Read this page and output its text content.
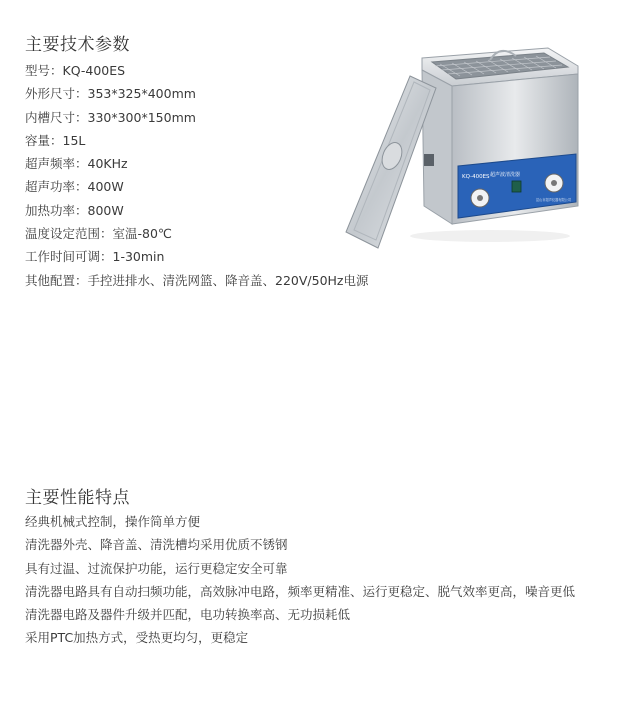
主要技术参数
型号：KQ-400ES
外形尺寸：353*325*400mm
内槽尺寸：330*300*150mm
容量：15L
超声频率：40KHz
超声功率：400W
加热功率：800W
温度设定范围：室温-80℃
工作时间可调：1-30min
其他配置：手控进排水、清洗网篮、降音盖、220V/50Hz电源
KQ-400ES 超声波清洗器
昆山市超声仪器有限公司
主要性能特点
经典机械式控制，操作简单方便
清洗器外壳、降音盖、清洗槽均采用优质不锈钢
具有过温、过流保护功能，运行更稳定安全可靠
清洗器电路具有自动扫频功能，高效脉冲电路，频率更精准、运行更稳定、脱气效率更高，噪音更低
清洗器电路及器件升级并匹配，电功转换率高、无功损耗低
采用PTC加热方式，受热更均匀，更稳定
